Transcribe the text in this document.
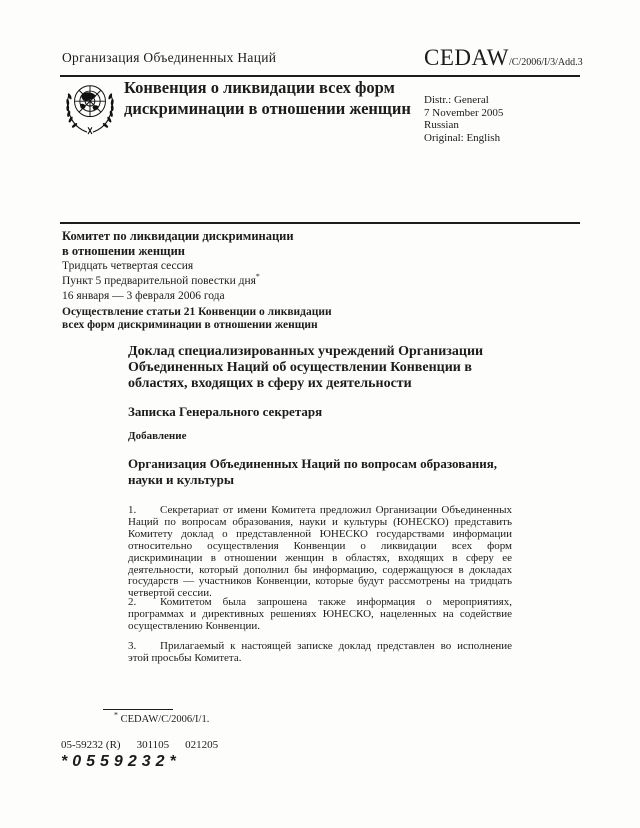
Организация Объединенных Наций	CEDAW/C/2006/I/3/Add.3
Конвенция о ликвидации всех форм дискриминации в отношении женщин	Distr.: General
7 November 2005
Russian
Original: English
Комитет по ликвидации дискриминации
в отношении женщин
Тридцать четвертая сессия
Пункт 5 предварительной повестки дня*
16 января — 3 февраля 2006 года
Осуществление статьи 21 Конвенции о ликвидации
всех форм дискриминации в отношении женщин
Доклад специализированных учреждений Организации Объединенных Наций об осуществлении Конвенции в областях, входящих в сферу их деятельности
Записка Генерального секретаря
Добавление
Организация Объединенных Наций по вопросам образования, науки и культуры

1. Секретариат от имени Комитета предложил Организации Объединенных Наций по вопросам образования, науки и культуры (ЮНЕСКО) представить Комитету доклад о представленной ЮНЕСКО государствами информации относительно осуществления Конвенции о ликвидации всех форм дискриминации в отношении женщин в областях, входящих в сферу ее деятельности, который дополнил бы информацию, содержащуюся в докладах государств — участников Конвенции, которые будут рассмотрены на тридцать четвертой сессии.

2. Комитетом была запрошена также информация о мероприятиях, программах и директивных решениях ЮНЕСКО, нацеленных на содействие осуществлению Конвенции.

3. Прилагаемый к настоящей записке доклад представлен во исполнение этой просьбы Комитета.

* CEDAW/C/2006/I/1.
05-59232 (R) 301105 021205
*0559232*
